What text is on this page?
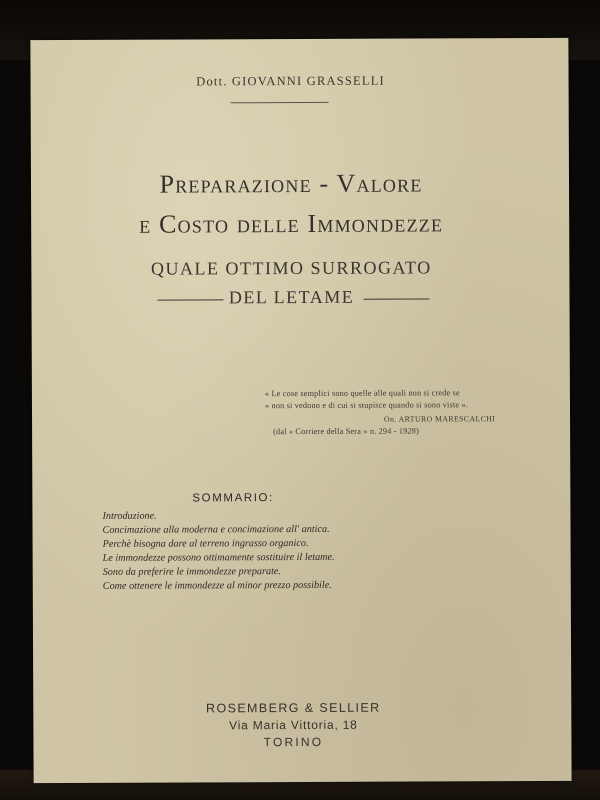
Dott. GIOVANNI GRASSELLI
Preparazione - Valore
e Costo delle Immondezze
QUALE OTTIMO SURROGATO
DEL LETAME
« Le cose semplici sono quelle alle quali non si crede se
« non si vedono e di cui si stupisce quando si sono viste ».
On. ARTURO MARESCALCHI
(dal « Corriere della Sera » n. 294 - 1928)
SOMMARIO:
Introduzione.
Concimazione alla moderna e concimazione all' antica.
Perchè bisogna dare al terreno ingrasso organico.
Le immondezze possono ottimamente sostituire il letame.
Sono da preferire le immondezze preparate.
Come ottenere le immondezze al minor prezzo possibile.
ROSEMBERG & SELLIER
Via Maria Vittoria, 18
TORINO
